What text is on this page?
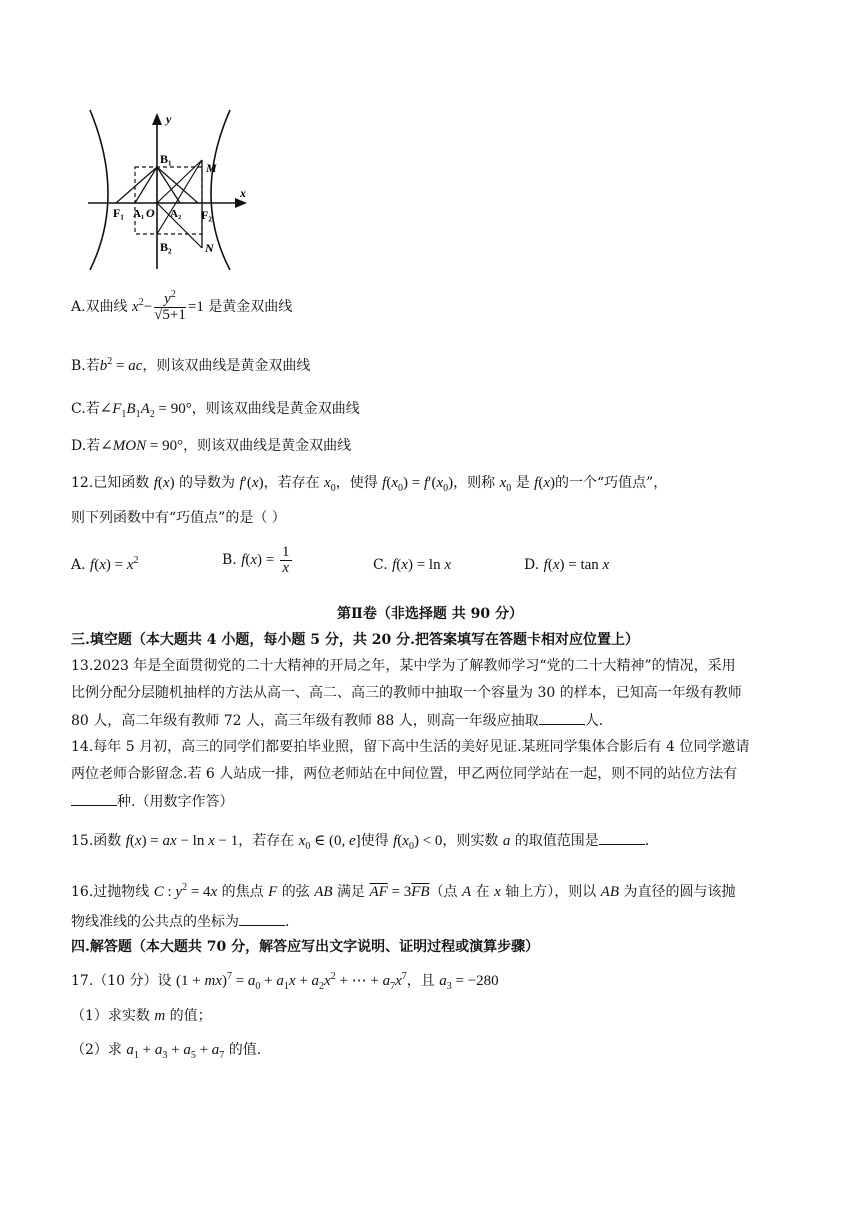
y
x
B₁
M
F₁ A₁ O A₂ F₂
B₂	N
A.双曲线 $x^2- \frac{y^2}{√5+1} =1$ 是黄金双曲线
B.若$b^2$ = ac，则该双曲线是黄金双曲线
C.若$\angle F_1B_1A_2 = 90^\circ$，则该双曲线是黄金双曲线
D.若∠MON = 90°，则该双曲线是黄金双曲线
12.已知函数 f(x) 的导数为 f′(x)，若存在 $x_0$，使得 $f(x_0) = f'(x_0)$，则称 $x_0$ 是 f(x)的一个“巧值点”，
则下列函数中有“巧值点”的是（ ）
A. $f(x) = x^2$	B. $f(x) = \frac{1}{x}$	C. f(x) = ln x	D. f(x) = tan x
第Ⅱ卷（非选择题 共 90 分）
三.填空题（本大题共 4 小题，每小题 5 分，共 20 分.把答案填写在答题卡相对应位置上）
13.2023 年是全面贯彻党的二十大精神的开局之年，某中学为了解教师学习“党的二十大精神”的情况，采用
比例分配分层随机抽样的方法从高一、高二、高三的教师中抽取一个容量为 30 的样本，已知高一年级有教师
80 人，高二年级有教师 72 人，高三年级有教师 88 人，则高一年级应抽取	人.
14.每年 5 月初，高三的同学们都要拍毕业照，留下高中生活的美好见证.某班同学集体合影后有 4 位同学邀请
两位老师合影留念.若 6 人站成一排，两位老师站在中间位置，甲乙两位同学站在一起，则不同的站位方法有
种.（用数字作答）
15.函数 f(x) = ax − ln x − 1，若存在 $x_0$ ∈ (0, e]使得 $f(x_0) < 0$，则实数 a 的取值范围是	.
16.过抛物线 C : $y^2 = 4x$ 的焦点 F 的弦 AB 满足 $\overline{AF} = 3\overline{FB}$（点 A 在 x 轴上方），则以 AB 为直径的圆与该抛
物线准线的公共点的坐标为	.
四.解答题（本大题共 70 分，解答应写出文字说明、证明过程或演算步骤）
17.（10 分）设 $(1 + mx)^7 = a_0 + a_1x + a_2x^2$ + ⋯ + $a_7x^7$，且 $a_3 = -280$
（1）求实数 m 的值；
（2）求 $a_1 + a_3 + a_5 + a_7$ 的值.
